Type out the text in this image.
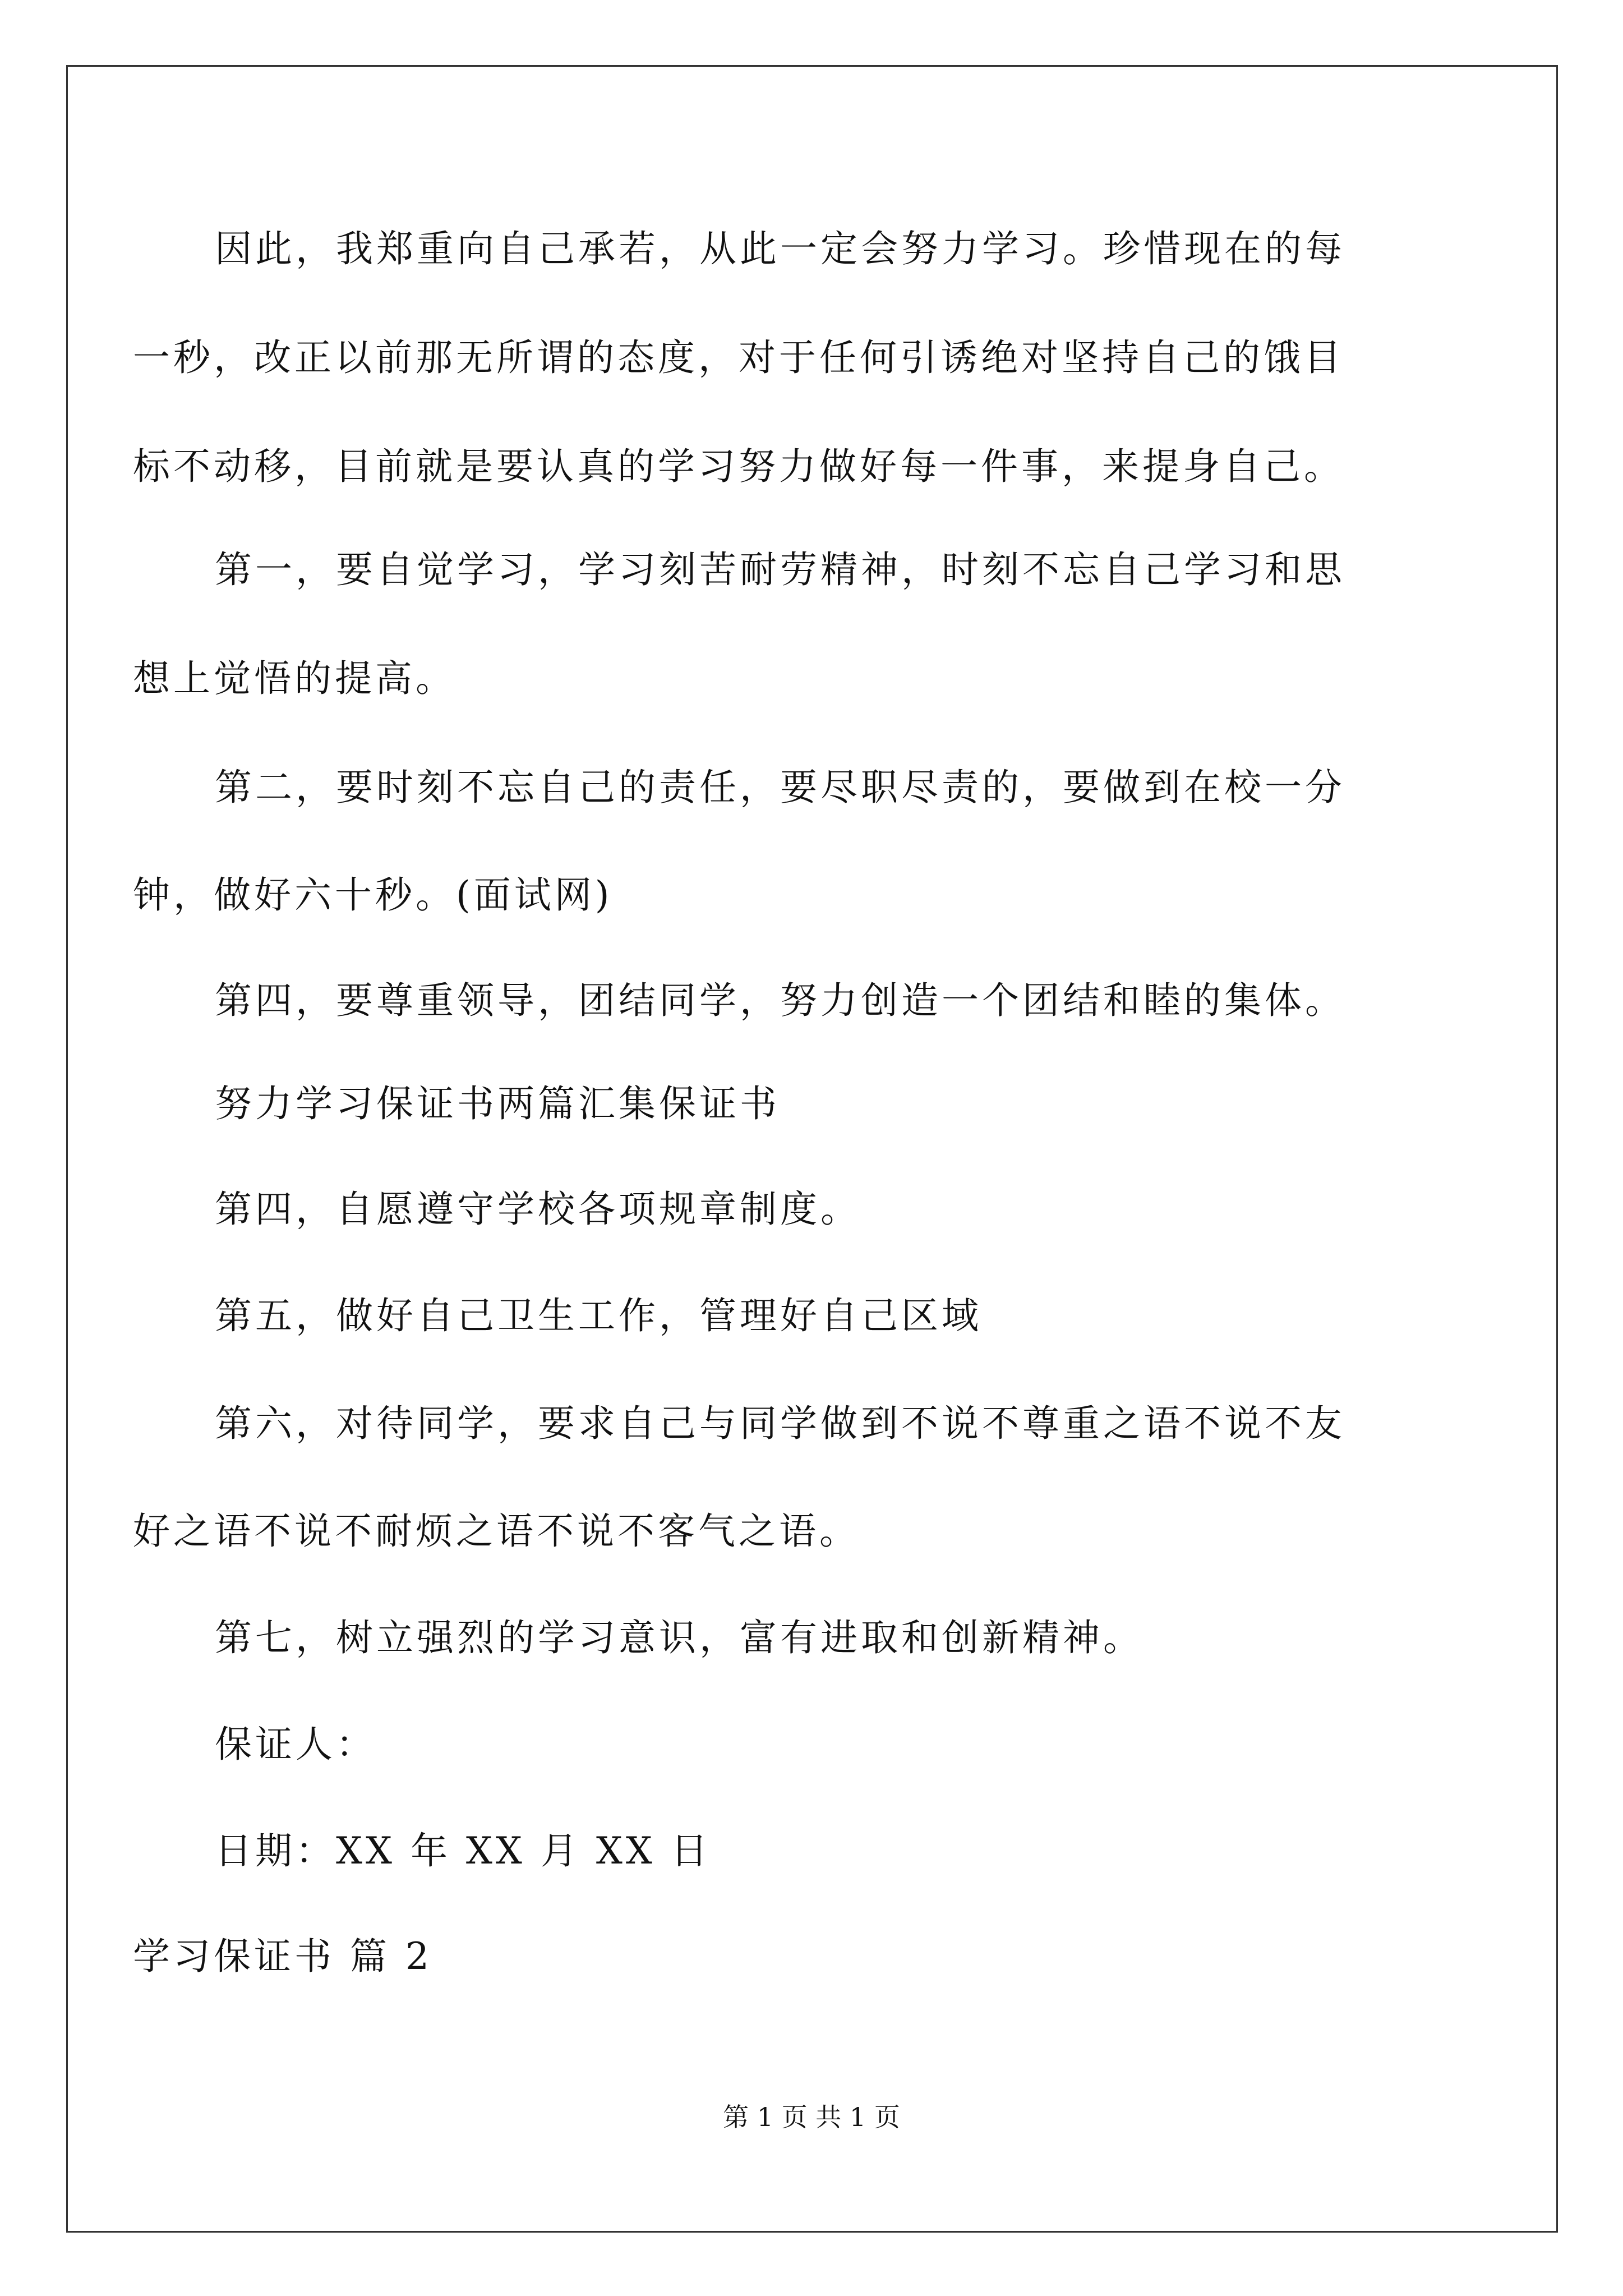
因此，我郑重向自己承若，从此一定会努力学习。珍惜现在的每
一秒，改正以前那无所谓的态度，对于任何引诱绝对坚持自己的饿目
标不动移，目前就是要认真的学习努力做好每一件事，来提身自己。
第一，要自觉学习，学习刻苦耐劳精神，时刻不忘自己学习和思
想上觉悟的提高。
第二，要时刻不忘自己的责任，要尽职尽责的，要做到在校一分
钟，做好六十秒。(面试网)
第四，要尊重领导，团结同学，努力创造一个团结和睦的集体。
努力学习保证书两篇汇集保证书
第四，自愿遵守学校各项规章制度。
第五，做好自己卫生工作，管理好自己区域
第六，对待同学，要求自己与同学做到不说不尊重之语不说不友
好之语不说不耐烦之语不说不客气之语。
第七，树立强烈的学习意识，富有进取和创新精神。
保证人：
日期：XX 年 XX 月 XX 日
学习保证书 篇 2
第 1 页 共 1 页
